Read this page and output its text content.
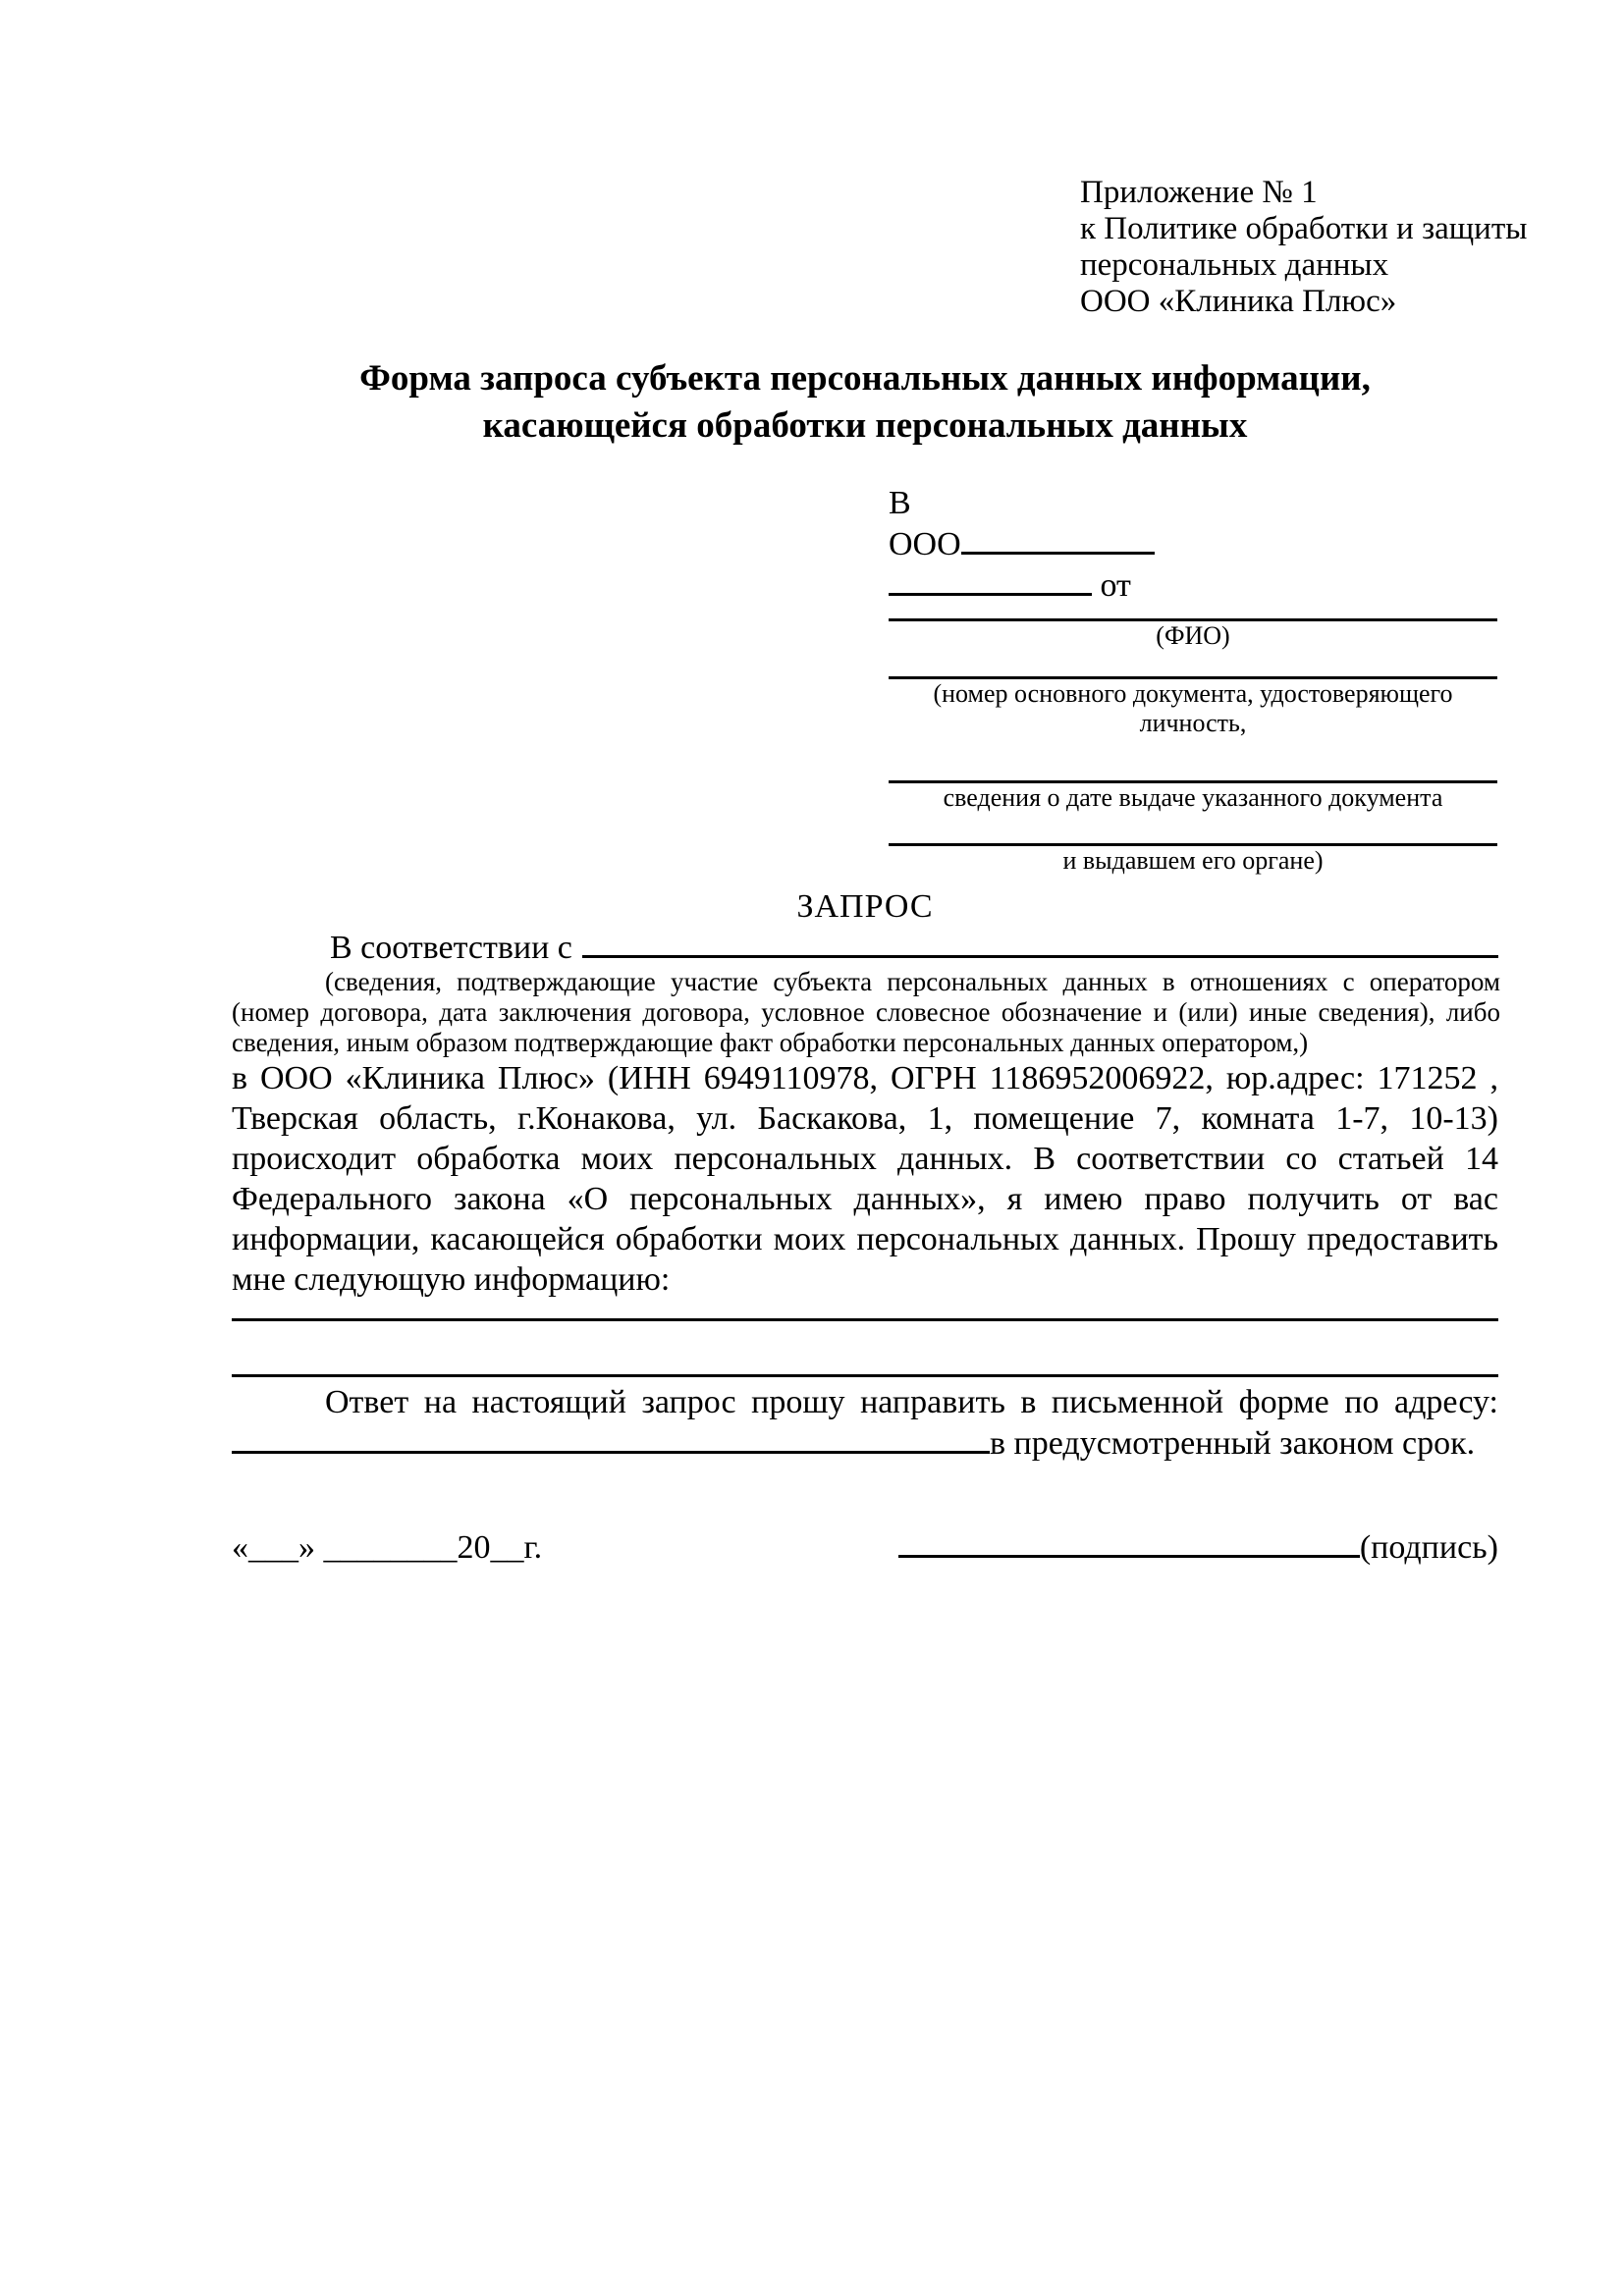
Приложение № 1
к Политике обработки и защиты
персональных данных
ООО «Клиника Плюс»
Форма запроса субъекта персональных данных информации,
касающейся обработки персональных данных
В
ООО
от
(ФИО)
(номер основного документа, удостоверяющего личность,
сведения о дате выдаче указанного документа
и выдавшем его органе)
ЗАПРОС
В соответствии с
(сведения, подтверждающие участие субъекта персональных данных в отношениях с оператором (номер договора, дата заключения договора, условное словесное обозначение и (или) иные сведения), либо сведения, иным образом подтверждающие факт обработки персональных данных оператором,)
в ООО «Клиника Плюс» (ИНН 6949110978, ОГРН 1186952006922, юр.адрес: 171252 , Тверская область, г.Конакова, ул. Баскакова, 1, помещение 7, комната 1-7, 10-13) происходит обработка моих персональных данных. В соответствии со статьей 14 Федерального закона «О персональных данных», я имею право получить от вас информации, касающейся обработки моих персональных данных. Прошу предоставить мне следующую информацию:
Ответ на настоящий запрос прошу направить в письменной форме по адресу:
в предусмотренный законом срок.
«___» ________20__г.	(подпись)
